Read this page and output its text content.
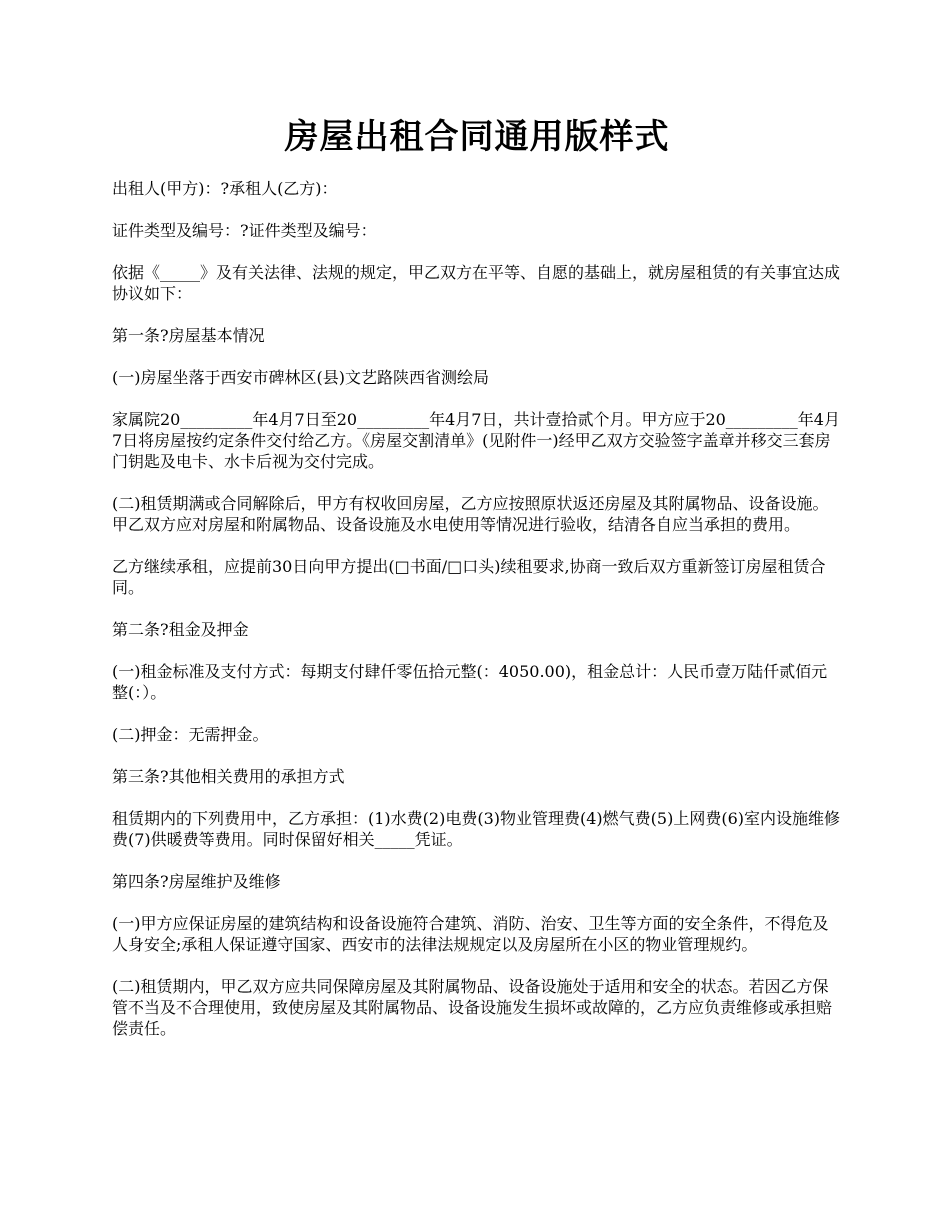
房屋出租合同通用版样式

出租人(甲方)：?承租人(乙方)：

证件类型及编号：?证件类型及编号：

依据《_____》及有关法律、法规的规定，甲乙双方在平等、自愿的基础上，就房屋租赁的有关事宜达成协议如下：

第一条?房屋基本情况

(一)房屋坐落于西安市碑林区(县)文艺路陕西省测绘局

家属院20_________年4月7日至20_________年4月7日，共计壹拾贰个月。甲方应于20_________年4月7日将房屋按约定条件交付给乙方。《房屋交割清单》(见附件一)经甲乙双方交验签字盖章并移交三套房门钥匙及电卡、水卡后视为交付完成。

(二)租赁期满或合同解除后，甲方有权收回房屋，乙方应按照原状返还房屋及其附属物品、设备设施。甲乙双方应对房屋和附属物品、设备设施及水电使用等情况进行验收，结清各自应当承担的费用。

乙方继续承租，应提前30日向甲方提出(□书面/□口头)续租要求,协商一致后双方重新签订房屋租赁合同。

第二条?租金及押金

(一)租金标准及支付方式：每期支付肆仟零伍拾元整(：4050.00)，租金总计：人民币壹万陆仟贰佰元整(：）。

(二)押金：无需押金。

第三条?其他相关费用的承担方式

租赁期内的下列费用中，乙方承担：(1)水费(2)电费(3)物业管理费(4)燃气费(5)上网费(6)室内设施维修费(7)供暖费等费用。同时保留好相关_____凭证。

第四条?房屋维护及维修

(一)甲方应保证房屋的建筑结构和设备设施符合建筑、消防、治安、卫生等方面的安全条件，不得危及人身安全;承租人保证遵守国家、西安市的法律法规规定以及房屋所在小区的物业管理规约。

(二)租赁期内，甲乙双方应共同保障房屋及其附属物品、设备设施处于适用和安全的状态。若因乙方保管不当及不合理使用，致使房屋及其附属物品、设备设施发生损坏或故障的，乙方应负责维修或承担赔偿责任。
